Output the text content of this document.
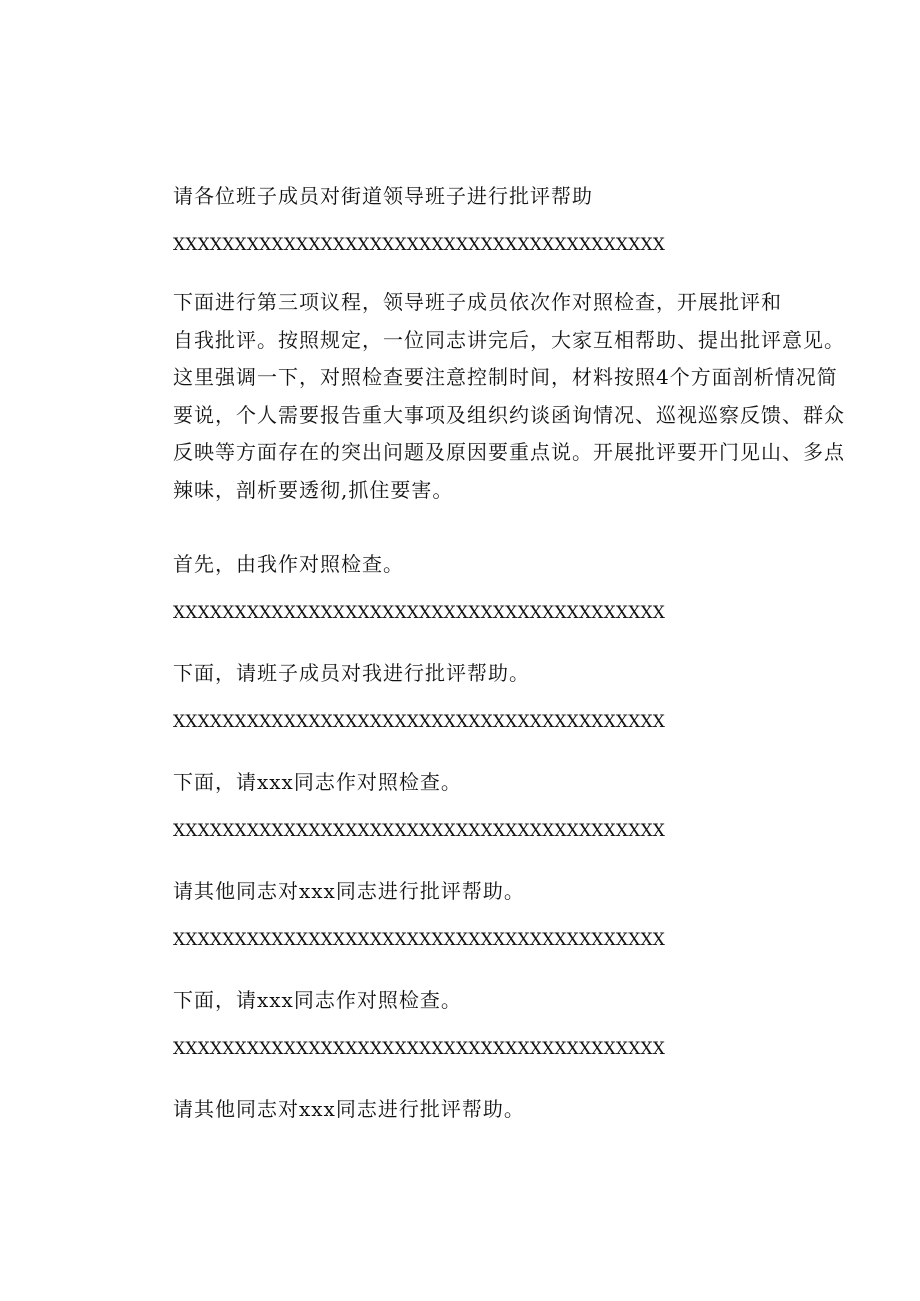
请各位班子成员对街道领导班子进行批评帮助
XXXXXXXXXXXXXXXXXXXXXXXXXXXXXXXXXXXXXXXX
下面进行第三项议程，领导班子成员依次作对照检查，开展批评和
自我批评。按照规定，一位同志讲完后，大家互相帮助、提出批评意见。
这里强调一下，对照检查要注意控制时间，材料按照4个方面剖析情况简
要说，个人需要报告重大事项及组织约谈函询情况、巡视巡察反馈、群众
反映等方面存在的突出问题及原因要重点说。开展批评要开门见山、多点
辣味，剖析要透彻,抓住要害。
首先，由我作对照检查。
XXXXXXXXXXXXXXXXXXXXXXXXXXXXXXXXXXXXXXXX
下面，请班子成员对我进行批评帮助。
XXXXXXXXXXXXXXXXXXXXXXXXXXXXXXXXXXXXXXXX
下面，请xxx同志作对照检查。
XXXXXXXXXXXXXXXXXXXXXXXXXXXXXXXXXXXXXXXX
请其他同志对xxx同志进行批评帮助。
XXXXXXXXXXXXXXXXXXXXXXXXXXXXXXXXXXXXXXXX
下面，请xxx同志作对照检查。
XXXXXXXXXXXXXXXXXXXXXXXXXXXXXXXXXXXXXXXX
请其他同志对xxx同志进行批评帮助。
